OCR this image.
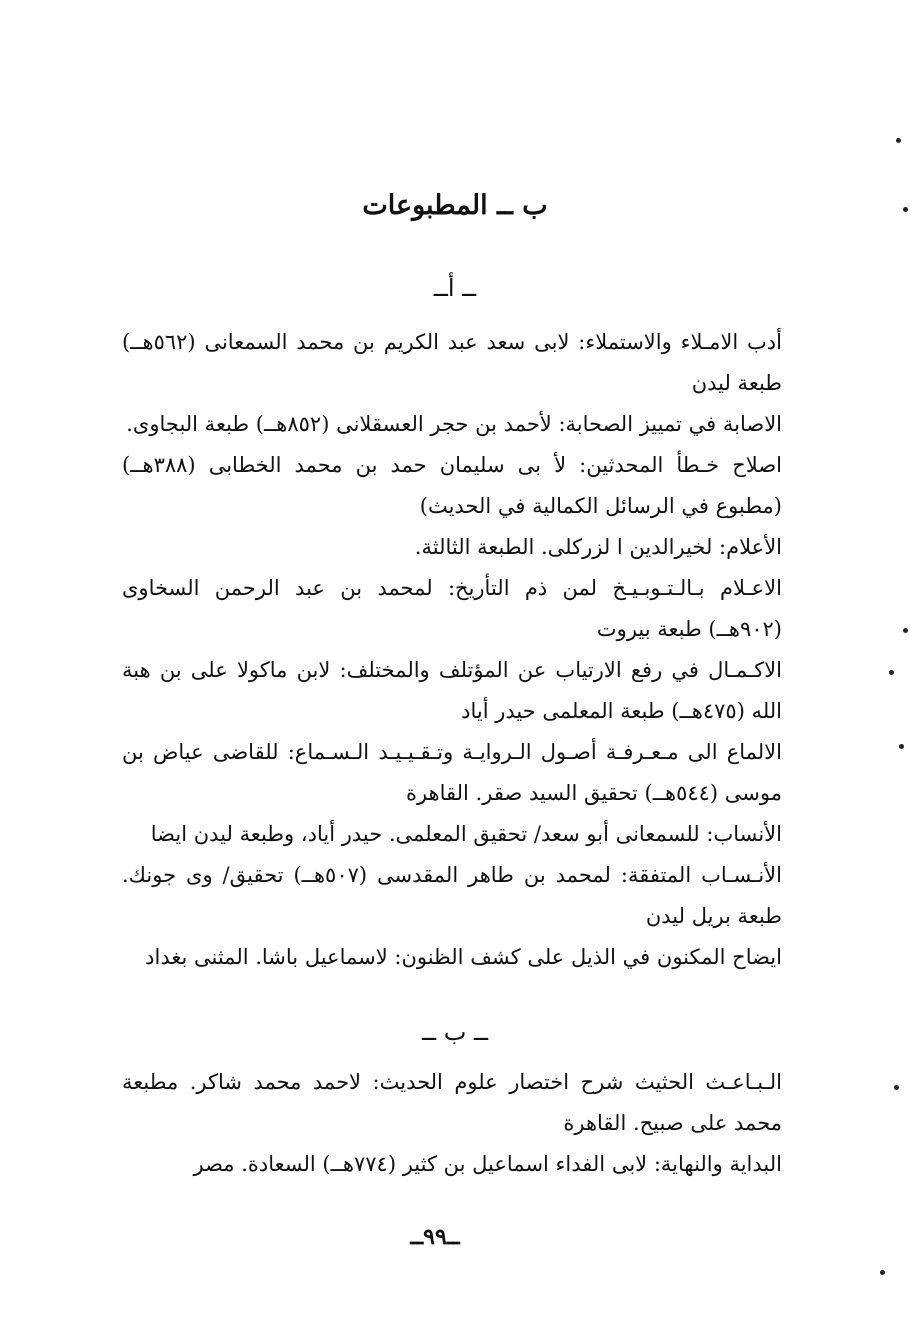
ب ــ المطبوعات
ــ أــ

أدب الامـلاء والاستملاء: لابى سعد عبد الكريم بن محمد السمعانى (٥٦٢هــ) طبعة ليدن

الاصابة في تمييز الصحابة: لأحمد بن حجر العسقلانى (٨٥٢هــ) طبعة البجاوى.

اصلاح خـطأ المحدثين: لأ بى سليمان حمد بن محمد الخطابى (٣٨٨هــ) (مطبوع في الرسائل الكمالية في الحديث)

الأعلام: لخيرالدين ا لزركلى. الطبعة الثالثة.

الاعـلام بـالـتـوبـيـخ لمن ذم التأريخ: لمحمد بن عبد الرحمن السخاوى (٩٠٢هــ) طبعة بيروت

الاكـمـال في رفع الارتياب عن المؤتلف والمختلف: لابن ماكولا على بن هبة الله (٤٧٥هــ) طبعة المعلمى حيدر أياد

الالماع الى مـعـرفـة أصـول الـروايـة وتـقـيـيـد الـسـماع: للقاضى عياض بن موسى (٥٤٤هــ) تحقيق السيد صقر. القاهرة

الأنساب: للسمعانى أبو سعد/ تحقيق المعلمى. حيدر أياد، وطبعة ليدن ايضا

الأنـسـاب المتفقة: لمحمد بن طاهر المقدسى (٥٠٧هــ) تحقيق/ وى جونك. طبعة بريل ليدن

ايضاح المكنون في الذيل على كشف الظنون: لاسماعيل باشا. المثنى بغداد

ــ ب ــ

الـبـاعـث الحثيث شرح اختصار علوم الحديث: لاحمد محمد شاكر. مطبعة محمد على صبيح. القاهرة

البداية والنهاية: لابى الفداء اسماعيل بن كثير (٧٧٤هــ) السعادة. مصر

ــ٩٩ــ
